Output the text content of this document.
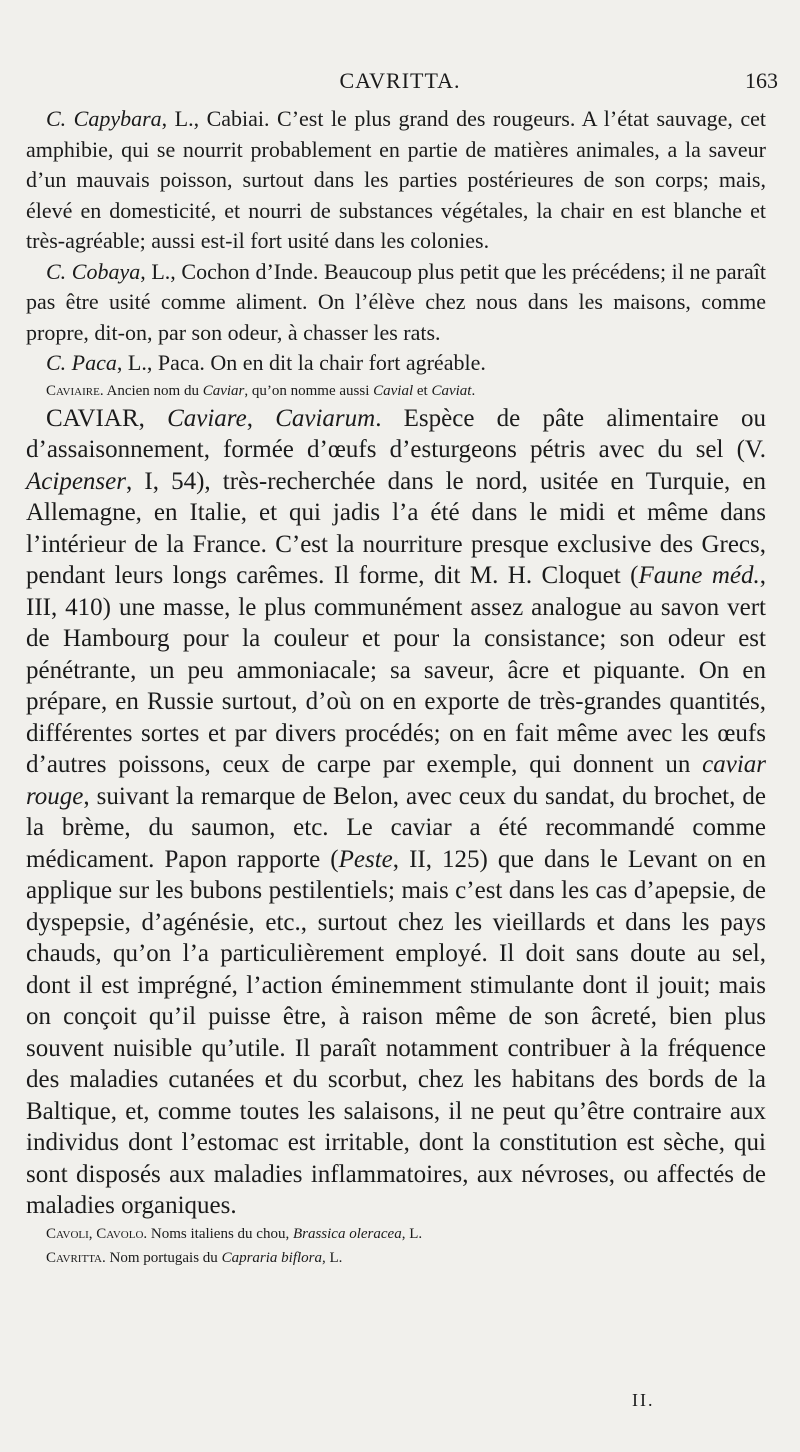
CAVRITTA.	163

C. Capybara, L., Cabiai. C’est le plus grand des rougeurs. A l’état sauvage, cet amphibie, qui se nourrit probablement en partie de matières animales, a la saveur d’un mauvais poisson, surtout dans les parties postérieures de son corps; mais, élevé en domesticité, et nourri de substances végétales, la chair en est blanche et très-agréable; aussi est-il fort usité dans les colonies.

C. Cobaya, L., Cochon d’Inde. Beaucoup plus petit que les précédens; il ne paraît pas être usité comme aliment. On l’élève chez nous dans les maisons, comme propre, dit-on, par son odeur, à chasser les rats.

C. Paca, L., Paca. On en dit la chair fort agréable.

Caviaire. Ancien nom du Caviar, qu’on nomme aussi Cavial et Caviat.

CAVIAR, Caviare, Caviarum. Espèce de pâte alimentaire ou d’assaisonnement, formée d’œufs d’esturgeons pétris avec du sel (V. Acipenser, I, 54), très-recherchée dans le nord, usitée en Turquie, en Allemagne, en Italie, et qui jadis l’a été dans le midi et même dans l’intérieur de la France. C’est la nourriture presque exclusive des Grecs, pendant leurs longs carêmes. Il forme, dit M. H. Cloquet (Faune méd., III, 410) une masse, le plus communément assez analogue au savon vert de Hambourg pour la couleur et pour la consistance; son odeur est pénétrante, un peu ammoniacale; sa saveur, âcre et piquante. On en prépare, en Russie surtout, d’où on en exporte de très-grandes quantités, différentes sortes et par divers procédés; on en fait même avec les œufs d’autres poissons, ceux de carpe par exemple, qui donnent un caviar rouge, suivant la remarque de Belon, avec ceux du sandat, du brochet, de la brème, du saumon, etc. Le caviar a été recommandé comme médicament. Papon rapporte (Peste, II, 125) que dans le Levant on en applique sur les bubons pestilentiels; mais c’est dans les cas d’apepsie, de dyspepsie, d’agénésie, etc., surtout chez les vieillards et dans les pays chauds, qu’on l’a particulièrement employé. Il doit sans doute au sel, dont il est imprégné, l’action éminemment stimulante dont il jouit; mais on conçoit qu’il puisse être, à raison même de son âcreté, bien plus souvent nuisible qu’utile. Il paraît notamment contribuer à la fréquence des maladies cutanées et du scorbut, chez les habitans des bords de la Baltique, et, comme toutes les salaisons, il ne peut qu’être contraire aux individus dont l’estomac est irritable, dont la constitution est sèche, qui sont disposés aux maladies inflammatoires, aux névroses, ou affectés de maladies organiques.

Cavoli, Cavolo. Noms italiens du chou, Brassica oleracea, L.

Cavritta. Nom portugais du Capraria biflora, L.

II.
